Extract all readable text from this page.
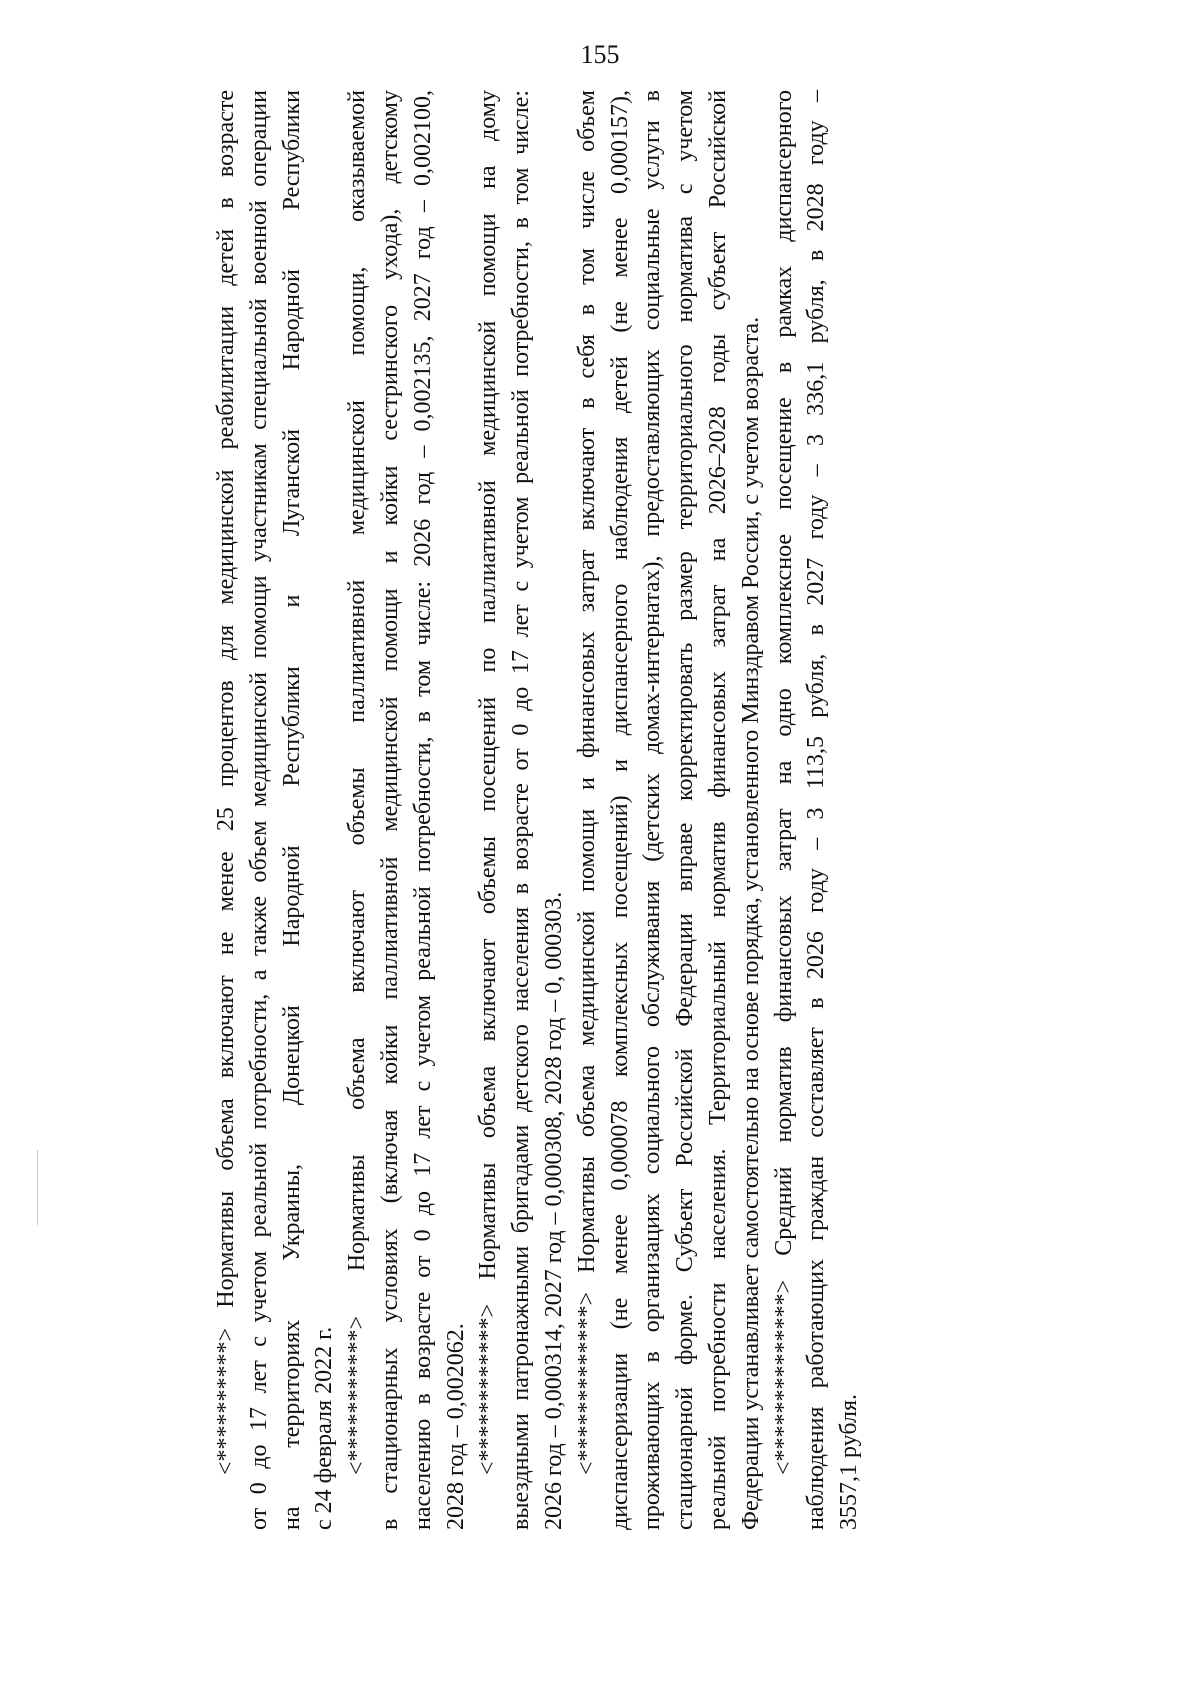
155

<**********> Нормативы объема включают не менее 25 процентов для медицинской реабилитации детей в возрасте от 0 до 17 лет с учетом реальной потребности, а также объем медицинской помощи участникам специальной военной операции на территориях Украины, Донецкой Народной Республики и Луганской Народной Республики с 24 февраля 2022 г. <***********> Нормативы объема включают объемы паллиативной медицинской помощи, оказываемой в стационарных условиях (включая койки паллиативной медицинской помощи и койки сестринского ухода), детскому населению в возрасте от 0 до 17 лет с учетом реальной потребности, в том числе: 2026 год – 0,002135, 2027 год – 0,002100, 2028 год – 0,002062. <************> Нормативы объема включают объемы посещений по паллиативной медицинской помощи на дому выездными патронажными бригадами детского населения в возрасте от 0 до 17 лет с учетом реальной потребности, в том числе: 2026 год – 0,000314, 2027 год – 0,000308, 2028 год – 0, 000303. <*************> Нормативы объема медицинской помощи и финансовых затрат включают в себя в том числе объем диспансеризации (не менее 0,000078 комплексных посещений) и диспансерного наблюдения детей (не менее 0,000157), проживающих в организациях социального обслуживания (детских домах-интернатах), предоставляющих социальные услуги в стационарной форме. Субъект Российской Федерации вправе корректировать размер территориального норматива с учетом реальной потребности населения. Территориальный норматив финансовых затрат на 2026–2028 годы субъект Российской Федерации устанавливает самостоятельно на основе порядка, установленного Минздравом России, с учетом возраста. <**************> Средний норматив финансовых затрат на одно комплексное посещение в рамках диспансерного наблюдения работающих граждан составляет в 2026 году – 3 113,5 рубля, в 2027 году – 3 336,1 рубля, в 2028 году – 3557,1 рубля.
